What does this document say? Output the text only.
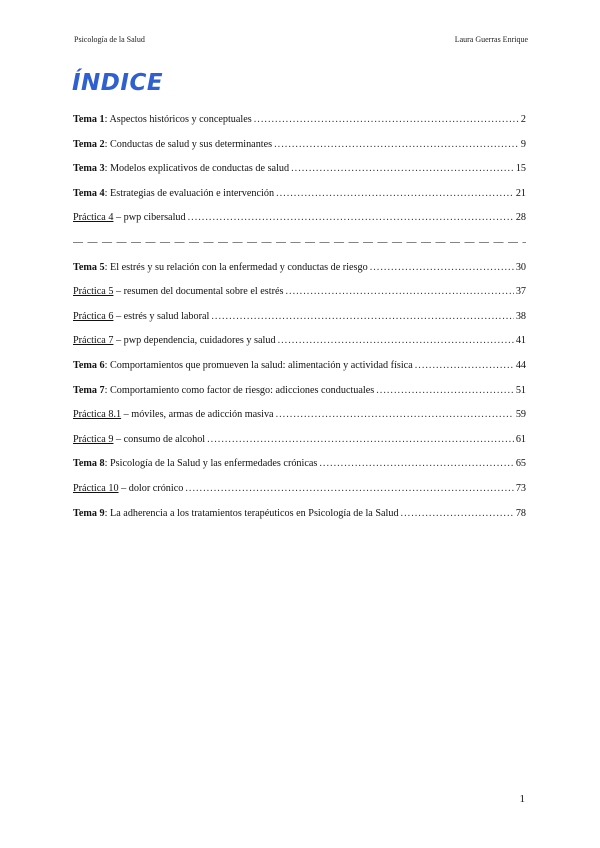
Psicología de la Salud	Laura Guerras Enrique
ÍNDICE
Tema 1: Aspectos históricos y conceptuales .....	2
Tema 2: Conductas de salud y sus determinantes .....	9
Tema 3: Modelos explicativos de conductas de salud .....	15
Tema 4: Estrategias de evaluación e intervención .....	21
Práctica 4 – pwp cibersalud .....	28
— — —
Tema 5: El estrés y su relación con la enfermedad y conductas de riesgo .....	30
Práctica 5 – resumen del documental sobre el estrés .....	37
Práctica 6 – estrés y salud laboral .....	38
Práctica 7 – pwp dependencia, cuidadores y salud .....	41
Tema 6: Comportamientos que promueven la salud: alimentación y actividad física .....	44
Tema 7: Comportamiento como factor de riesgo: adicciones conductuales .....	51
Práctica 8.1 – móviles, armas de adicción masiva .....	59
Práctica 9 – consumo de alcohol .....	61
Tema 8: Psicología de la Salud y las enfermedades crónicas .....	65
Práctica 10 – dolor crónico .....	73
Tema 9: La adherencia a los tratamientos terapéuticos en Psicología de la Salud .....	78
1
